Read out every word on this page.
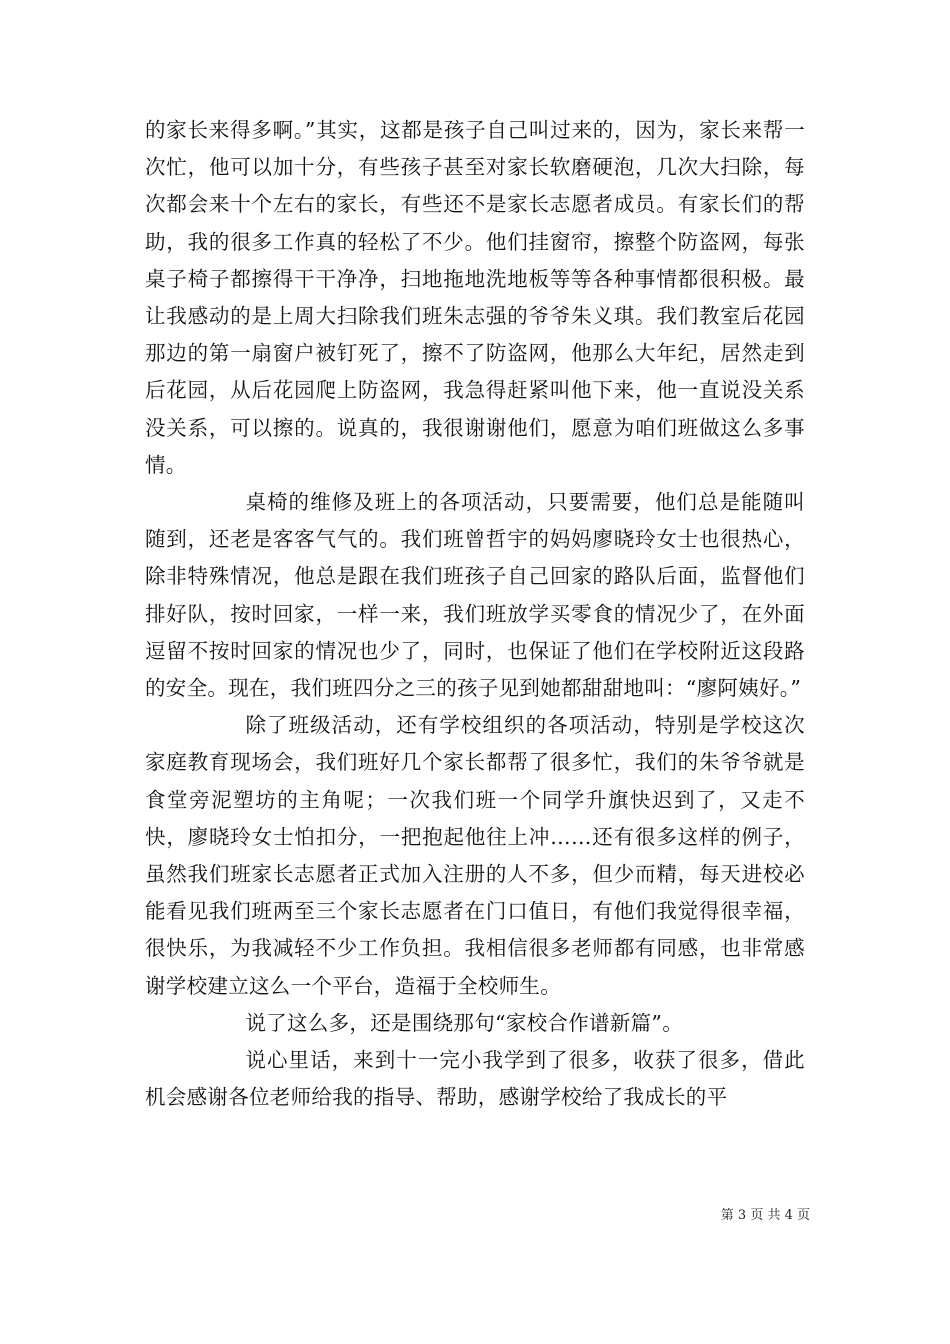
的家长来得多啊。”其实，这都是孩子自己叫过来的，因为，家长来帮一次忙，他可以加十分，有些孩子甚至对家长软磨硬泡，几次大扫除，每次都会来十个左右的家长，有些还不是家长志愿者成员。有家长们的帮助，我的很多工作真的轻松了不少。他们挂窗帘，擦整个防盗网，每张桌子椅子都擦得干干净净，扫地拖地洗地板等等各种事情都很积极。最让我感动的是上周大扫除我们班朱志强的爷爷朱义琪。我们教室后花园那边的第一扇窗户被钉死了，擦不了防盗网，他那么大年纪，居然走到后花园，从后花园爬上防盗网，我急得赶紧叫他下来，他一直说没关系没关系，可以擦的。说真的，我很谢谢他们，愿意为咱们班做这么多事情。

桌椅的维修及班上的各项活动，只要需要，他们总是能随叫随到，还老是客客气气的。我们班曾哲宇的妈妈廖晓玲女士也很热心，除非特殊情况，他总是跟在我们班孩子自己回家的路队后面，监督他们排好队，按时回家，一样一来，我们班放学买零食的情况少了，在外面逗留不按时回家的情况也少了，同时，也保证了他们在学校附近这段路的安全。现在，我们班四分之三的孩子见到她都甜甜地叫：“廖阿姨好。”

除了班级活动，还有学校组织的各项活动，特别是学校这次家庭教育现场会，我们班好几个家长都帮了很多忙，我们的朱爷爷就是食堂旁泥塑坊的主角呢；一次我们班一个同学升旗快迟到了，又走不快，廖晓玲女士怕扣分，一把抱起他往上冲……还有很多这样的例子，虽然我们班家长志愿者正式加入注册的人不多，但少而精，每天进校必能看见我们班两至三个家长志愿者在门口值日，有他们我觉得很幸福，很快乐，为我减轻不少工作负担。我相信很多老师都有同感，也非常感谢学校建立这么一个平台，造福于全校师生。

说了这么多，还是围绕那句“家校合作谱新篇”。

说心里话，来到十一完小我学到了很多，收获了很多，借此机会感谢各位老师给我的指导、帮助，感谢学校给了我成长的平

第 3 页 共 4 页
